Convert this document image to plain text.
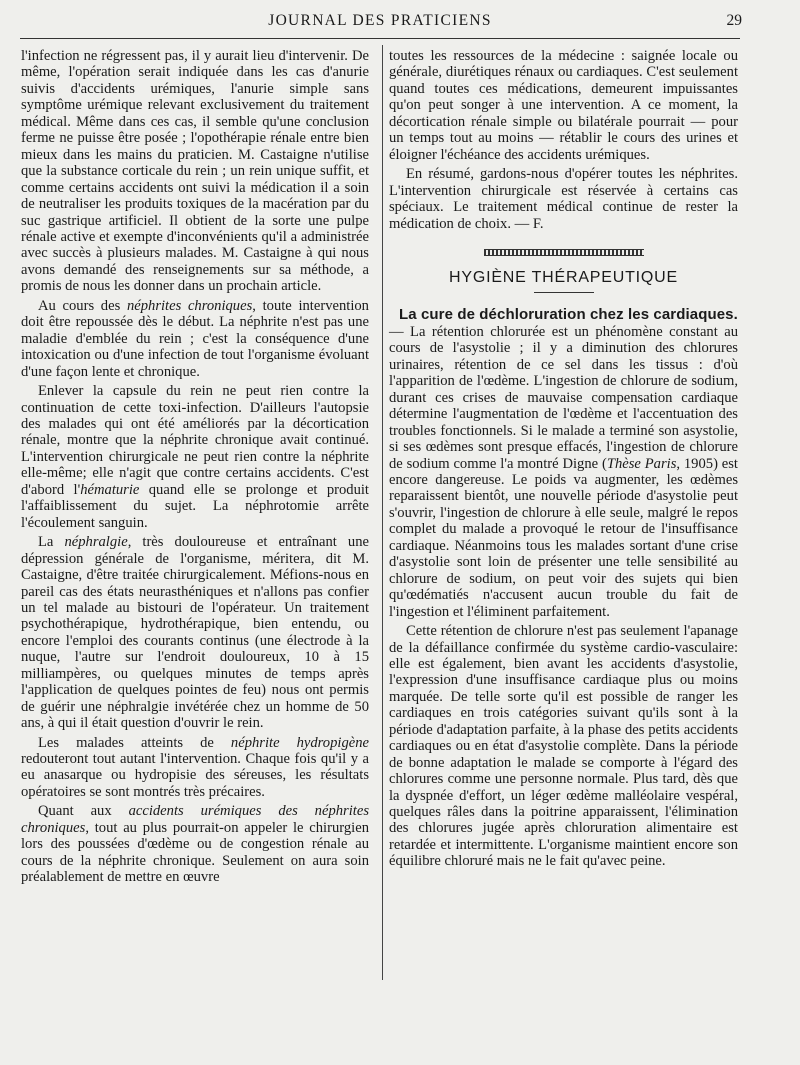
JOURNAL DES PRATICIENS	29

l'infection ne régressent pas, il y aurait lieu d'intervenir. De même, l'opération serait indiquée dans les cas d'anurie suivis d'accidents urémiques, l'anurie simple sans symptôme urémique relevant exclusivement du traitement médical. Même dans ces cas, il semble qu'une conclusion ferme ne puisse être posée ; l'opothérapie rénale entre bien mieux dans les mains du praticien. M. Castaigne n'utilise que la substance corticale du rein ; un rein unique suffit, et comme certains accidents ont suivi la médication il a soin de neutraliser les produits toxiques de la macération par du suc gastrique artificiel. Il obtient de la sorte une pulpe rénale active et exempte d'inconvénients qu'il a administrée avec succès à plusieurs malades. M. Castaigne à qui nous avons demandé des renseignements sur sa méthode, a promis de nous les donner dans un prochain article.

Au cours des néphrites chroniques, toute intervention doit être repoussée dès le début. La néphrite n'est pas une maladie d'emblée du rein ; c'est la conséquence d'une intoxication ou d'une infection de tout l'organisme évoluant d'une façon lente et chronique.

Enlever la capsule du rein ne peut rien contre la continuation de cette toxi-infection. D'ailleurs l'autopsie des malades qui ont été améliorés par la décortication rénale, montre que la néphrite chronique avait continué. L'intervention chirurgicale ne peut rien contre la néphrite elle-même; elle n'agit que contre certains accidents. C'est d'abord l'hématurie quand elle se prolonge et produit l'affaiblissement du sujet. La néphrotomie arrête l'écoulement sanguin.

La néphralgie, très douloureuse et entraînant une dépression générale de l'organisme, méritera, dit M. Castaigne, d'être traitée chirurgicalement. Méfions-nous en pareil cas des états neurasthéniques et n'allons pas confier un tel malade au bistouri de l'opérateur. Un traitement psychothérapique, hydrothérapique, bien entendu, ou encore l'emploi des courants continus (une électrode à la nuque, l'autre sur l'endroit douloureux, 10 à 15 milliampères, ou quelques minutes de temps après l'application de quelques pointes de feu) nous ont permis de guérir une néphralgie invétérée chez un homme de 50 ans, à qui il était question d'ouvrir le rein.

Les malades atteints de néphrite hydropigène redouteront tout autant l'intervention. Chaque fois qu'il y a eu anasarque ou hydropisie des séreuses, les résultats opératoires se sont montrés très précaires.

Quant aux accidents urémiques des néphrites chroniques, tout au plus pourrait-on appeler le chirurgien lors des poussées d'œdème ou de congestion rénale au cours de la néphrite chronique. Seulement on aura soin préalablement de mettre en œuvre

toutes les ressources de la médecine : saignée locale ou générale, diurétiques rénaux ou cardiaques. C'est seulement quand toutes ces médications, demeurent impuissantes qu'on peut songer à une intervention. A ce moment, la décortication rénale simple ou bilatérale pourrait — pour un temps tout au moins — rétablir le cours des urines et éloigner l'échéance des accidents urémiques.

En résumé, gardons-nous d'opérer toutes les néphrites. L'intervention chirurgicale est réservée à certains cas spéciaux. Le traitement médical continue de rester la médication de choix. — F.

HYGIÈNE THÉRAPEUTIQUE
La cure de déchloruration chez les cardiaques.

— La rétention chlorurée est un phénomène constant au cours de l'asystolie ; il y a diminution des chlorures urinaires, rétention de ce sel dans les tissus : d'où l'apparition de l'œdème. L'ingestion de chlorure de sodium, durant ces crises de mauvaise compensation cardiaque détermine l'augmentation de l'œdème et l'accentuation des troubles fonctionnels. Si le malade a terminé son asystolie, si ses œdèmes sont presque effacés, l'ingestion de chlorure de sodium comme l'a montré Digne (Thèse Paris, 1905) est encore dangereuse. Le poids va augmenter, les œdèmes reparaissent bientôt, une nouvelle période d'asystolie peut s'ouvrir, l'ingestion de chlorure à elle seule, malgré le repos complet du malade a provoqué le retour de l'insuffisance cardiaque. Néanmoins tous les malades sortant d'une crise d'asystolie sont loin de présenter une telle sensibilité au chlorure de sodium, on peut voir des sujets qui bien qu'œdématiés n'accusent aucun trouble du fait de l'ingestion et l'éliminent parfaitement.

Cette rétention de chlorure n'est pas seulement l'apanage de la défaillance confirmée du système cardio-vasculaire: elle est également, bien avant les accidents d'asystolie, l'expression d'une insuffisance cardiaque plus ou moins marquée. De telle sorte qu'il est possible de ranger les cardiaques en trois catégories suivant qu'ils sont à la période d'adaptation parfaite, à la phase des petits accidents cardiaques ou en état d'asystolie complète. Dans la période de bonne adaptation le malade se comporte à l'égard des chlorures comme une personne normale. Plus tard, dès que la dyspnée d'effort, un léger œdème malléolaire vespéral, quelques râles dans la poitrine apparaissent, l'élimination des chlorures jugée après chloruration alimentaire est retardée et intermittente. L'organisme maintient encore son équilibre chloruré mais ne le fait qu'avec peine.
